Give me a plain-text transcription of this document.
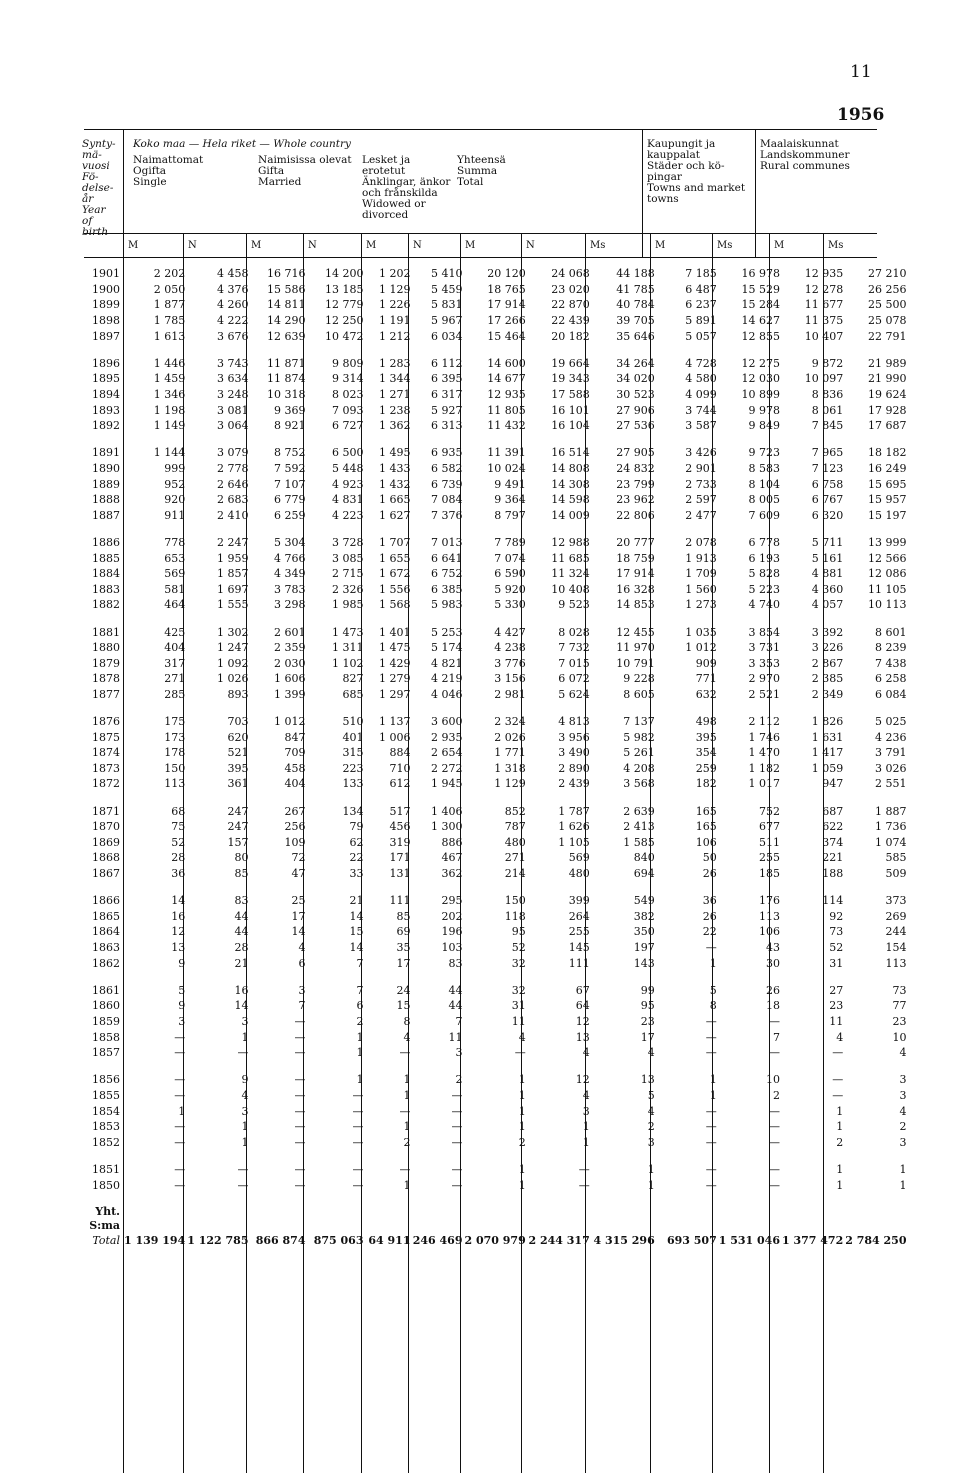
11
1956
Synty-
mä-
vuosi
Fö-
delse-
år
Year
of birth
Koko maa — Hela riket — Whole country
Naimattomat
Ogifta
Single
Naimisissa olevat
Gifta
Married
Lesket ja
erotetut
Änklingar, änkor
och frånskilda
Widowed or
divorced
Yhteensä
Summa
Total
Kaupungit ja
kauppalat
Städer och kö-
pingar
Towns and market
towns
Maalaiskunnat
Landskommuner
Rural communes
M	N	M	N	M	N	M	N	Ms	M	Ms	M	Ms
1901	2 202	4 458	16 716	14 200	1 202	5 410	20 120	24 068	44 188	7 185	16 978	12 935	27 210
1900	2 050	4 376	15 586	13 185	1 129	5 459	18 765	23 020	41 785	6 487	15 529	12 278	26 256
1899	1 877	4 260	14 811	12 779	1 226	5 831	17 914	22 870	40 784	6 237	15 284	11 677	25 500
1898	1 785	4 222	14 290	12 250	1 191	5 967	17 266	22 439	39 705	5 891	14 627	11 375	25 078
1897	1 613	3 676	12 639	10 472	1 212	6 034	15 464	20 182	35 646	5 057	12 855	10 407	22 791

1896	1 446	3 743	11 871	9 809	1 283	6 112	14 600	19 664	34 264	4 728	12 275	9 872	21 989
1895	1 459	3 634	11 874	9 314	1 344	6 395	14 677	19 343	34 020	4 580	12 030	10 097	21 990
1894	1 346	3 248	10 318	8 023	1 271	6 317	12 935	17 588	30 523	4 099	10 899	8 836	19 624
1893	1 198	3 081	9 369	7 093	1 238	5 927	11 805	16 101	27 906	3 744	9 978	8 061	17 928
1892	1 149	3 064	8 921	6 727	1 362	6 313	11 432	16 104	27 536	3 587	9 849	7 845	17 687

1891	1 144	3 079	8 752	6 500	1 495	6 935	11 391	16 514	27 905	3 426	9 723	7 965	18 182
1890	999	2 778	7 592	5 448	1 433	6 582	10 024	14 808	24 832	2 901	8 583	7 123	16 249
1889	952	2 646	7 107	4 923	1 432	6 739	9 491	14 308	23 799	2 733	8 104	6 758	15 695
1888	920	2 683	6 779	4 831	1 665	7 084	9 364	14 598	23 962	2 597	8 005	6 767	15 957
1887	911	2 410	6 259	4 223	1 627	7 376	8 797	14 009	22 806	2 477	7 609	6 320	15 197

1886	778	2 247	5 304	3 728	1 707	7 013	7 789	12 988	20 777	2 078	6 778	5 711	13 999
1885	653	1 959	4 766	3 085	1 655	6 641	7 074	11 685	18 759	1 913	6 193	5 161	12 566
1884	569	1 857	4 349	2 715	1 672	6 752	6 590	11 324	17 914	1 709	5 828	4 881	12 086
1883	581	1 697	3 783	2 326	1 556	6 385	5 920	10 408	16 328	1 560	5 223	4 360	11 105
1882	464	1 555	3 298	1 985	1 568	5 983	5 330	9 523	14 853	1 273	4 740	4 057	10 113

1881	425	1 302	2 601	1 473	1 401	5 253	4 427	8 028	12 455	1 035	3 854	3 392	8 601
1880	404	1 247	2 359	1 311	1 475	5 174	4 238	7 732	11 970	1 012	3 731	3 226	8 239
1879	317	1 092	2 030	1 102	1 429	4 821	3 776	7 015	10 791	909	3 353	2 867	7 438
1878	271	1 026	1 606	827	1 279	4 219	3 156	6 072	9 228	771	2 970	2 385	6 258
1877	285	893	1 399	685	1 297	4 046	2 981	5 624	8 605	632	2 521	2 349	6 084

1876	175	703	1 012	510	1 137	3 600	2 324	4 813	7 137	498	2 112	1 826	5 025
1875	173	620	847	401	1 006	2 935	2 026	3 956	5 982	395	1 746	1 631	4 236
1874	178	521	709	315	884	2 654	1 771	3 490	5 261	354	1 470	1 417	3 791
1873	150	395	458	223	710	2 272	1 318	2 890	4 208	259	1 182	1 059	3 026
1872	113	361	404	133	612	1 945	1 129	2 439	3 568	182	1 017	947	2 551

1871	68	247	267	134	517	1 406	852	1 787	2 639	165	752	687	1 887
1870	75	247	256	79	456	1 300	787	1 626	2 413	165	677	622	1 736
1869	52	157	109	62	319	886	480	1 105	1 585	106	511	374	1 074
1868	28	80	72	22	171	467	271	569	840	50	255	221	585
1867	36	85	47	33	131	362	214	480	694	26	185	188	509

1866	14	83	25	21	111	295	150	399	549	36	176	114	373
1865	16	44	17	14	85	202	118	264	382	26	113	92	269
1864	12	44	14	15	69	196	95	255	350	22	106	73	244
1863	13	28	4	14	35	103	52	145	197	—	43	52	154
1862	9	21	6	7	17	83	32	111	143	1	30	31	113

1861	5	16	3	7	24	44	32	67	99	5	26	27	73
1860	9	14	7	6	15	44	31	64	95	8	18	23	77
1859	3	3	—	2	8	7	11	12	23	—	—	11	23
1858	—	1	—	1	4	11	4	13	17	—	7	4	10
1857	—	—	—	1	—	3	—	4	4	—	—	—	4

1856	—	9	—	1	1	2	1	12	13	1	10	—	3
1855	—	4	—	—	1	—	1	4	5	1	2	—	3
1854	1	3	—	—	—	—	1	3	4	—	—	1	4
1853	—	1	—	—	1	—	1	1	2	—	—	1	2
1852	—	1	—	—	2	—	2	1	3	—	—	2	3

1851	—	—	—	—	—	—	1	—	1	—	—	1	1
1850	—	—	—	—	1	—	1	—	1	—	—	1	1

Yht.													
S:ma													
Total	1 139 194	1 122 785	866 874	875 063	64 911	246 469	2 070 979	2 244 317	4 315 296	693 507	1 531 046	1 377 472	2 784 250
